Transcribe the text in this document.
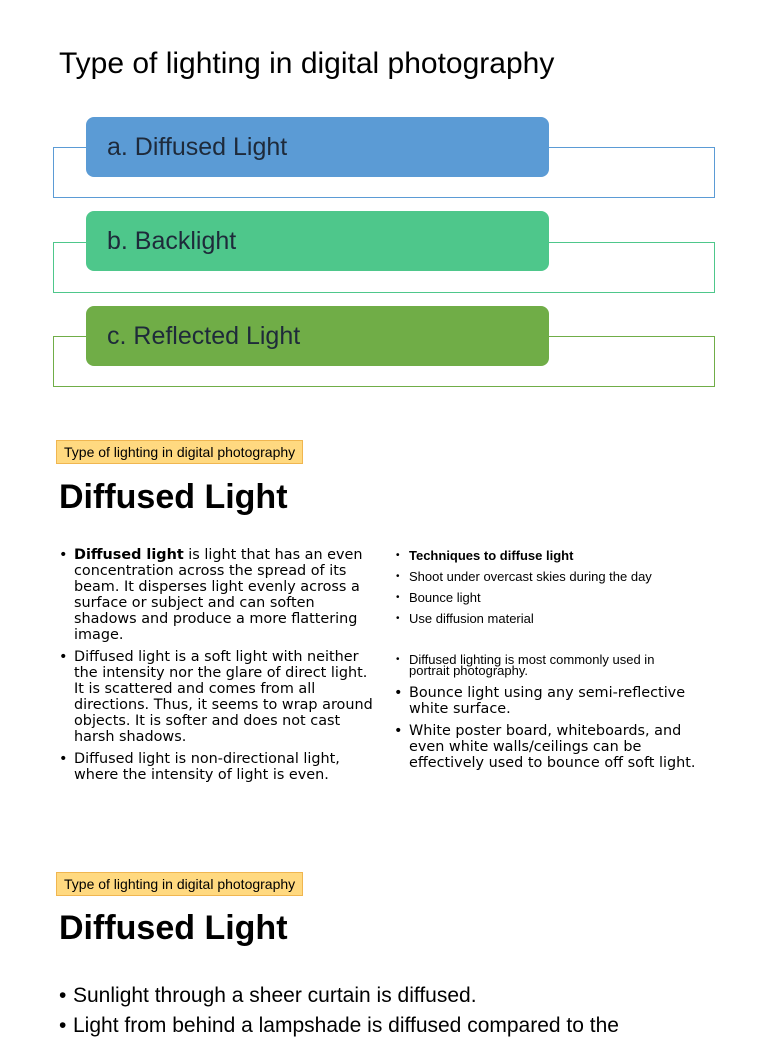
Type of lighting in digital photography
a. Diffused Light
b. Backlight
c. Reflected Light
Type of lighting in digital photography
Diffused Light
• Diffused light is light that has an even concentration across the spread of its beam. It disperses light evenly across a surface or subject and can soften shadows and produce a more flattering image.
• Diffused light is a soft light with neither the intensity nor the glare of direct light. It is scattered and comes from all directions. Thus, it seems to wrap around objects. It is softer and does not cast harsh shadows.
• Diffused light is non-directional light, where the intensity of light is even.
• Techniques to diffuse light
• Shoot under overcast skies during the day
• Bounce light
• Use diffusion material
• Diffused lighting is most commonly used in portrait photography.
• Bounce light using any semi-reflective white surface.
• White poster board, whiteboards, and even white walls/ceilings can be effectively used to bounce off soft light.
Type of lighting in digital photography
Diffused Light
• Sunlight through a sheer curtain is diffused.
• Light from behind a lampshade is diffused compared to the
